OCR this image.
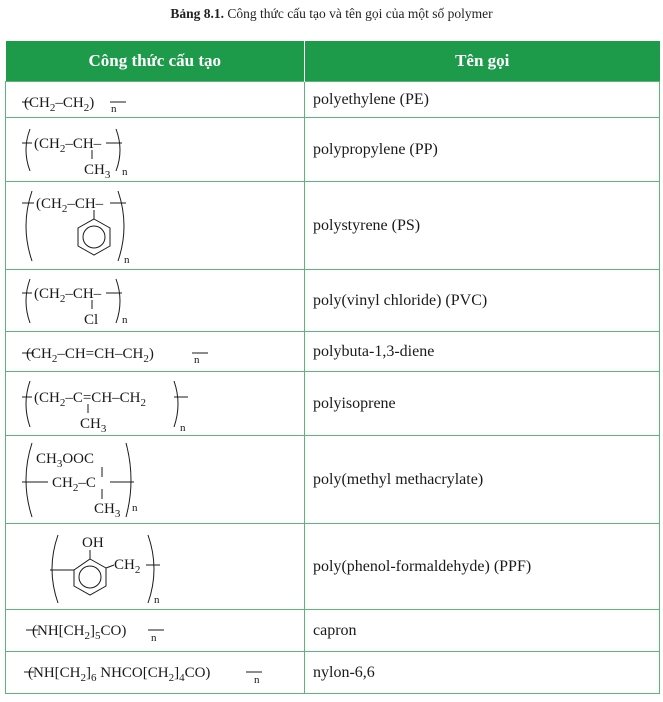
Bảng 8.1. Công thức cấu tạo và tên gọi của một số polymer
Công thức cấu tạo	Tên gọi

$(CH_2-CH_2)$ n	polyethylene (PE)

($CH_2-CH-$
$CH_3$ n	polypropylene (PP)

($CH_2-CH-$
n	polystyrene (PS)

($CH_2-CH-$
Cl n	poly(vinyl chloride) (PVC)

$(CH_2-CH=CH-CH_2)$ n	polybuta-1,3-diene

($CH_2-C=CH-CH_2$
$CH_3$ n	polyisoprene

$CH_3OOC$
$CH_2-C$
$CH_3$ n	poly(methyl methacrylate)

OH
$CH_2$
n	poly(phenol-formaldehyde) (PPF)

$(NH[CH_2]_5CO)$ n	capron

($NH[CH_2]_6$ $NHCO[CH_2]_4CO$) n	nylon-6,6
